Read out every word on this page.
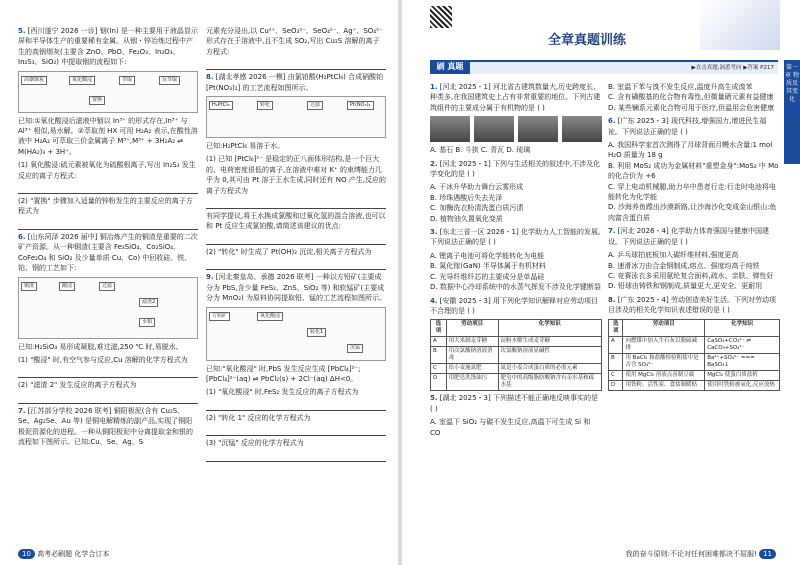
5. [西川遂宁 2026 一诊] 铟(In) 是一种主要用于液晶显示屏和半导体生产的重要稀有金属。从铟・锌冶炼过程中产生的高铟烟灰(主要含 ZnO、PbO、Fe₂O₃、In₂O₃、In₂S₃、SiO₂) 中提取铟的流程如下:
高铟烟灰	氧化酸浸	萃取	反萃取
置换
已知:①氧化酸浸后滤液中铟以 In³⁺ 的形式存在,In³⁺ 与 Al³⁺ 相似,易水解。②萃取剂 HX 可用 H₂A₂ 表示,在酸性溶液中 H₂A₂ 可萃取三价金属离子 M³⁺,M³⁺ + 3H₂A₂ ⇌ M(HA₂)₃ + 3H⁺。
(1) 氧化酸浸:硫元素被氧化为硫酸根离子,写出 In₂S₃ 发生反应的离子方程式:
(2) "置换" 步骤加入适量的锌粉发生的主要反应的离子方程式为
6. [山东菏泽 2026 届中] 铜冶炼产生的铜渣是重要的二次矿产资源。从一种铜渣(主要含 Fe₃SiO₄、Co₂SiO₄、CoFe₂O₄ 和 SiO₂ 及少量单质 Cu、Co) 中回收硅、铁、铂、钢的工艺如下:
铜渣	酸浸	过滤
滤渣2
水相
已知:H₂SiO₄ 易形成凝胶,难过滤,250 ℃ 时,易脱水。
(1) "酸浸" 时,有空气参与反应,Cu 溶解的化学方程式为
(2) "滤渣 2" 发生反应的离子方程式为
7. [江苏部分学校 2026 联考] 铜阳极泥(含有 Cu₂S、Se、Ag₂Se、Au 等) 是铜电解精炼的副产品,实现了铜阳极泥资源化的进程。一种从铜阳极泥中分离提取金和银的流程如下图所示。已知:Cu、Se、Ag、S
元素充分浸出,以 Cu²⁺、SeO₃²⁻、SeO₄²⁻、Ag⁺、SO₄²⁻ 形式存在于溶液中,且不生成 SO₂,写出 Cu₂S 溶解的离子方程式:
8. [湖北孝感 2026 一模] 由氯铂酸(H₂PtCl₆) 合成硝酸铂[Pt(NO₃)₂] 的工艺流程如图所示。
H₂PtCl₆	转化	过滤	Pt(NO₃)₂
已知:H₂PtCl₆ 易溶于水。
(1) 已知 [PtCl₆]²⁻ 是稳定的正八面体形结构,是一个巨大的、电荷密度很低的离子,在溶液中难对 K⁺ 的束缚能力几乎为 0,其可由 Pt 溶于王水生成,同时还有 NO 产生,反应的离子方程式为
有同学提议,将王水换成氯酸和过氧化氢的混合溶液,也可以和 Pt 反应生成氯铂酸,请简述该建议的优点:
(2) "转化" 时生成了 Pt(OH)₂ 沉淀,相关离子方程式为
9. [河北秦皇岛、承德 2026 联考] 一种以方铅矿(主要成分为 PbS,含少量 FeS₂、ZnS、SiO₂ 等) 和软锰矿(主要成分为 MnO₂) 为原料协同提取铅、锰的工艺流程如图所示。
方铅矿	氧化酸浸
转化1
沉锰
已知:"氧化酸浸" 时,PbS 发生反应生成 [PbCl₄]²⁻;[PbCl₄]²⁻(aq) ⇌ PbCl₂(s) + 2Cl⁻(aq) ΔH<0。
(1) "氧化酸浸" 时,FeS₂ 发生反应的离子方程式为
(2) "转化 1" 反应的化学方程式为
(3) "沉锰" 反应的化学方程式为
10 高考必刷题 化学合订本
全章真题训练
刷 真题	▶直击真题,洞悉考向 ▶答案 P217	第一章 物质及其变化
1. [河北 2025・1] 河北省古建筑数量大,历史跨度长、种类多,在我国建筑史上占有非常重要的地位。下列古建筑组件的主要成分属于有机物的是 ( )
A. 基石 B. 斗拱 C. 青瓦 D. 琉璃
2. [河北 2025・1] 下列与生活相关的叙述中,不涉及化学变化的是 ( )
A. 干冰升华助力舞台云雾形成
B. 珍珠遇酸后失去光泽
C. 加酶洗衣粉清洗蛋白质污渍
D. 植物油久置氧化变质
3. [东北三省一区 2026・1] 化学助力人工智能的发展,下列说法正确的是 ( )
A. 锂离子电池可将化学能转化为电能
B. 氮化镓(GaN) 半导体属于有机材料
C. 光导纤维纤芯的主要成分是单晶硅
D. 数据中心冷却系统中的水蒸气挥发不涉及化学键断裂
4. [安徽 2025・3] 用下列化学知识解释对应劳动项目不合理的是 ( )
选项	劳动项目	化学知识
A	用大米制麦芽糖	淀粉水解生成麦芽糖
B	用次氯酸钠溶液消毒	次氯酸钠溶液显碱性
C	给小麦施氮肥	氮是小麦合成蛋白质的必需元素
D	用肥皂洗涤油污	肥皂中的高级脂肪酸钠含有亲水基和疏水基
5. [湖北 2025・3] 下列描述不能正确地反映事实的是 ( )
A. 室温下 SiO₂ 与碳不发生反应,高温下可生成 Si 和 CO
B. 室温下苯与溴不发生反应,温度升高生成溴苯
C. 含有磺酸基的化合物有毒性,但微量硒元素有益健康
D. 某些镧系元素化合物可用于医疗,但温用会危害健康
6. [广东 2025・3] 现代科技,增强国力,增进民生福祉。下列说法正确的是 ( )
A. 我国科学家首次测得了月球背面月幔水含量:1 mol H₂O 质量为 18 g
B. 利用 MoS₂ 成功为金属材料"重塑金身":MoS₂ 中 Mo 的化合价为 +6
C. 穿上电动机械腿,助力卒中患者行走:行走时电池将电能转化为化学能
D. 沙海养鱼蹚出沙漠新路,让沙海沙化变成金山银山:鱼肉富含蛋白质
7. [河北 2026・4] 化学助力体育强国与健康中国建设。下列说法正确的是 ( )
A. 乒乓球拍底板加入碳纤维材料,强度更高
B. 速滑冰刀由合金钢制成,熔点、强度均高于纯铁
C. 竞赛泳衣多采用氨纶复合面料,疏水、亲肤、弹性好
D. 铅球由铸铁和钢制成,质量更大,更安全、更耐用
8. [广东 2025・4] 劳动创造美好生活。下列对劳动项目涉及的相关化学知识表述错误的是 ( )
选项	劳动项目	化学知识
A	向燃煤中加入生石灰以脱硫减排	CaSO₄+CO₃²⁻ ⇌ CaCO₃+SO₄²⁻
B	用 BaCl₂ 和盐酸检验粗盐中是否含 SO₄²⁻	Ba²⁺+SO₄²⁻ === BaSO₄↓
C	使用 MgCl₂ 溶液点卤制豆腐	MgCl₂ 使蛋白质盐析
D	用铁粉、活性炭、食盐制暖贴	使用时铁粉被氧化,反应放热
我的奋斗原则:不论对任何困难都决不屈服! 11
